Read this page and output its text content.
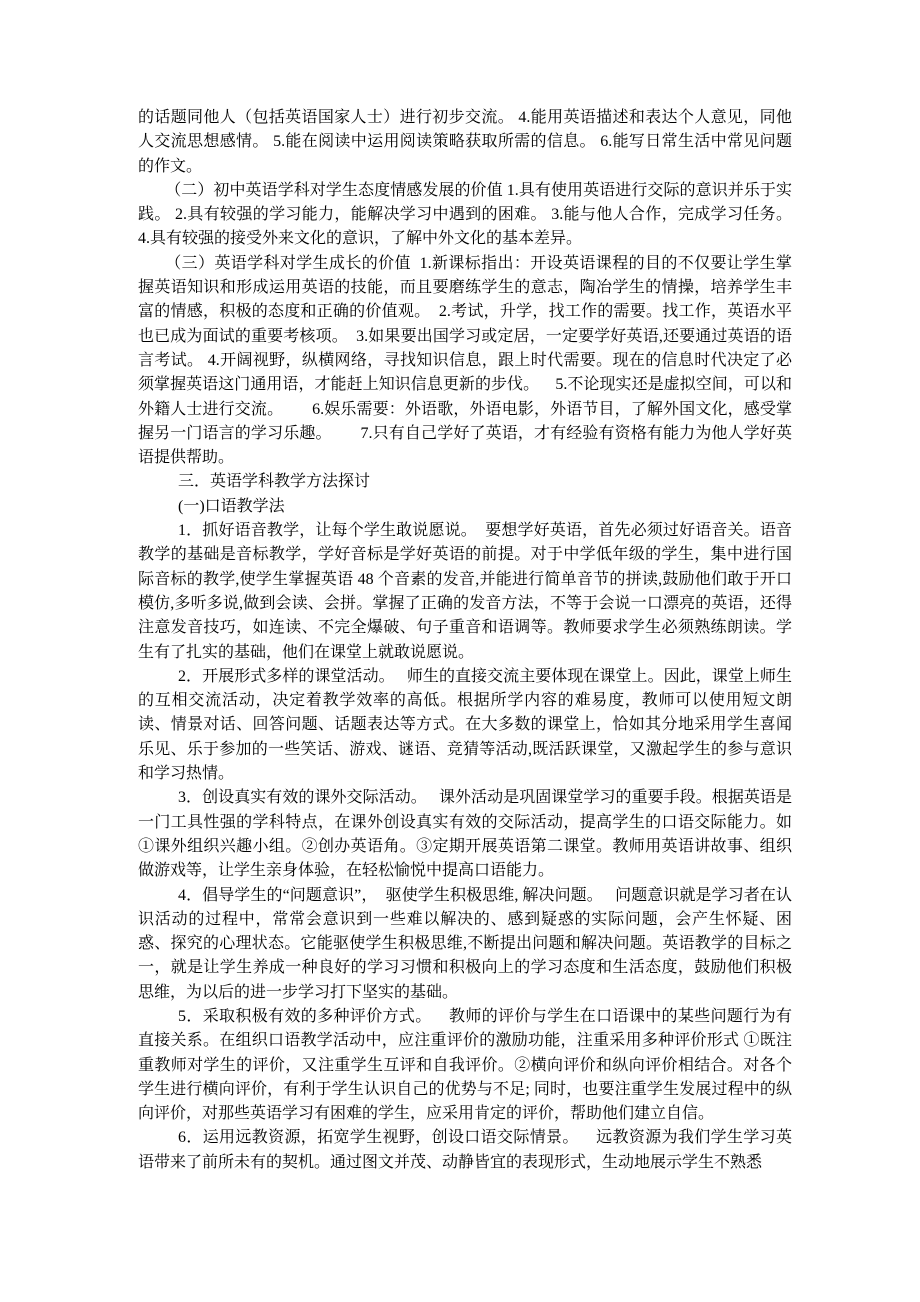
的话题同他人（包括英语国家人士）进行初步交流。 4.能用英语描述和表达个人意见，同他人交流思想感情。 5.能在阅读中运用阅读策略获取所需的信息。 6.能写日常生活中常见问题的作文。

（二）初中英语学科对学生态度情感发展的价值 1.具有使用英语进行交际的意识并乐于实践。 2.具有较强的学习能力，能解决学习中遇到的困难。 3.能与他人合作，完成学习任务。  4.具有较强的接受外来文化的意识，了解中外文化的基本差异。

（三）英语学科对学生成长的价值  1.新课标指出：开设英语课程的目的不仅要让学生掌握英语知识和形成运用英语的技能，而且要磨练学生的意志，陶冶学生的情操，培养学生丰富的情感，积极的态度和正确的价值观。  2.考试，升学，找工作的需要。找工作，英语水平也已成为面试的重要考核项。  3.如果要出国学习或定居，一定要学好英语,还要通过英语的语言考试。 4.开阔视野，纵横网络，寻找知识信息，跟上时代需要。现在的信息时代决定了必须掌握英语这门通用语，才能赶上知识信息更新的步伐。    5.不论现实还是虚拟空间，可以和外籍人士进行交流。       6.娱乐需要：外语歌，外语电影，外语节目，了解外国文化，感受掌握另一门语言的学习乐趣。       7.只有自己学好了英语，才有经验有资格有能力为他人学好英语提供帮助。

三．英语学科教学方法探讨

(一)口语教学法

1．抓好语音教学，让每个学生敢说愿说。  要想学好英语，首先必须过好语音关。语音教学的基础是音标教学，学好音标是学好英语的前提。对于中学低年级的学生，集中进行国际音标的教学,使学生掌握英语 48 个音素的发音,并能进行简单音节的拼读,鼓励他们敢于开口模仿,多听多说,做到会读、会拼。掌握了正确的发音方法，不等于会说一口漂亮的英语，还得注意发音技巧，如连读、不完全爆破、句子重音和语调等。教师要求学生必须熟练朗读。学生有了扎实的基础，他们在课堂上就敢说愿说。

2．开展形式多样的课堂活动。   师生的直接交流主要体现在课堂上。因此，课堂上师生的互相交流活动，决定着教学效率的高低。根据所学内容的难易度，教师可以使用短文朗读、情景对话、回答问题、话题表达等方式。在大多数的课堂上，恰如其分地采用学生喜闻乐见、乐于参加的一些笑话、游戏、谜语、竞猜等活动,既活跃课堂，又激起学生的参与意识和学习热情。

3．创设真实有效的课外交际活动。   课外活动是巩固课堂学习的重要手段。根据英语是一门工具性强的学科特点，在课外创设真实有效的交际活动，提高学生的口语交际能力。如①课外组织兴趣小组。②创办英语角。③定期开展英语第二课堂。教师用英语讲故事、组织做游戏等，让学生亲身体验，在轻松愉悦中提高口语能力。

4．倡导学生的“问题意识”，  驱使学生积极思维, 解决问题。   问题意识就是学习者在认识活动的过程中，常常会意识到一些难以解决的、感到疑惑的实际问题，会产生怀疑、困惑、探究的心理状态。它能驱使学生积极思维,不断提出问题和解决问题。英语教学的目标之一，就是让学生养成一种良好的学习习惯和积极向上的学习态度和生活态度，鼓励他们积极思维，为以后的进一步学习打下坚实的基础。

5．采取积极有效的多种评价方式。    教师的评价与学生在口语课中的某些问题行为有直接关系。在组织口语教学活动中，应注重评价的激励功能，注重采用多种评价形式 ①既注重教师对学生的评价，又注重学生互评和自我评价。②横向评价和纵向评价相结合。对各个学生进行横向评价，有利于学生认识自己的优势与不足; 同时，也要注重学生发展过程中的纵向评价，对那些英语学习有困难的学生，应采用肯定的评价，帮助他们建立自信。

6．运用远教资源，拓宽学生视野，创设口语交际情景。    远教资源为我们学生学习英语带来了前所未有的契机。通过图文并茂、动静皆宜的表现形式，生动地展示学生不熟悉
